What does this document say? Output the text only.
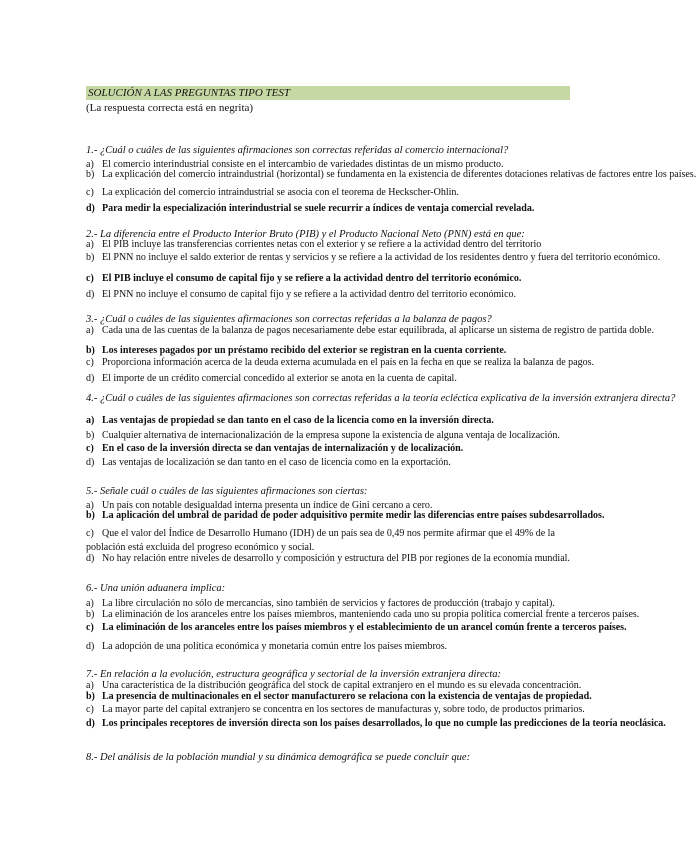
SOLUCIÓN A LAS PREGUNTAS TIPO TEST
(La respuesta correcta está en negrita)
1.- ¿Cuál o cuáles de las siguientes afirmaciones son correctas referidas al comercio internacional?
a) El comercio interindustrial consiste en el intercambio de variedades distintas de un mismo producto.
b) La explicación del comercio intraindustrial (horizontal) se fundamenta en la existencia de diferentes dotaciones relativas de factores entre los países.
c) La explicación del comercio intraindustrial se asocia con el teorema de Heckscher-Ohlin.
d) Para medir la especialización interindustrial se suele recurrir a índices de ventaja comercial revelada.
2.- La diferencia entre el Producto Interior Bruto (PIB) y el Producto Nacional Neto (PNN) está en que:
a) El PIB incluye las transferencias corrientes netas con el exterior y se refiere a la actividad dentro del territorio
b) El PNN no incluye el saldo exterior de rentas y servicios y se refiere a la actividad de los residentes dentro y fuera del territorio económico.
c) El PIB incluye el consumo de capital fijo y se refiere a la actividad dentro del territorio económico.
d) El PNN no incluye el consumo de capital fijo y se refiere a la actividad dentro del territorio económico.
3.- ¿Cuál o cuáles de las siguientes afirmaciones son correctas referidas a la balanza de pagos?
a) Cada una de las cuentas de la balanza de pagos necesariamente debe estar equilibrada, al aplicarse un sistema de registro de partida doble.
b) Los intereses pagados por un préstamo recibido del exterior se registran en la cuenta corriente.
c) Proporciona información acerca de la deuda externa acumulada en el país en la fecha en que se realiza la balanza de pagos.
d) El importe de un crédito comercial concedido al exterior se anota en la cuenta de capital.
4.- ¿Cuál o cuáles de las siguientes afirmaciones son correctas referidas a la teoría ecléctica explicativa de la inversión extranjera directa?
a) Las ventajas de propiedad se dan tanto en el caso de la licencia como en la inversión directa.
b) Cualquier alternativa de internacionalización de la empresa supone la existencia de alguna ventaja de localización.
c) En el caso de la inversión directa se dan ventajas de internalización y de localización.
d) Las ventajas de localización se dan tanto en el caso de licencia como en la exportación.
5.- Señale cuál o cuáles de las siguientes afirmaciones son ciertas:
a) Un país con notable desigualdad interna presenta un índice de Gini cercano a cero.
b) La aplicación del umbral de paridad de poder adquisitivo permite medir las diferencias entre países subdesarrollados.
c) Que el valor del Índice de Desarrollo Humano (IDH) de un país sea de 0,49 nos permite afirmar que el 49% de la
población está excluida del progreso económico y social.
d) No hay relación entre niveles de desarrollo y composición y estructura del PIB por regiones de la economía mundial.
6.- Una unión aduanera implica:
a) La libre circulación no sólo de mercancías, sino también de servicios y factores de producción (trabajo y capital).
b) La eliminación de los aranceles entre los países miembros, manteniendo cada uno su propia política comercial frente a terceros países.
c) La eliminación de los aranceles entre los países miembros y el establecimiento de un arancel común frente a terceros países.
d) La adopción de una política económica y monetaria común entre los países miembros.
7.- En relación a la evolución, estructura geográfica y sectorial de la inversión extranjera directa:
a) Una característica de la distribución geográfica del stock de capital extranjero en el mundo es su elevada concentración.
b) La presencia de multinacionales en el sector manufacturero se relaciona con la existencia de ventajas de propiedad.
c) La mayor parte del capital extranjero se concentra en los sectores de manufacturas y, sobre todo, de productos primarios.
d) Los principales receptores de inversión directa son los países desarrollados, lo que no cumple las predicciones de la teoría neoclásica.
8.- Del análisis de la población mundial y su dinámica demográfica se puede concluir que:
